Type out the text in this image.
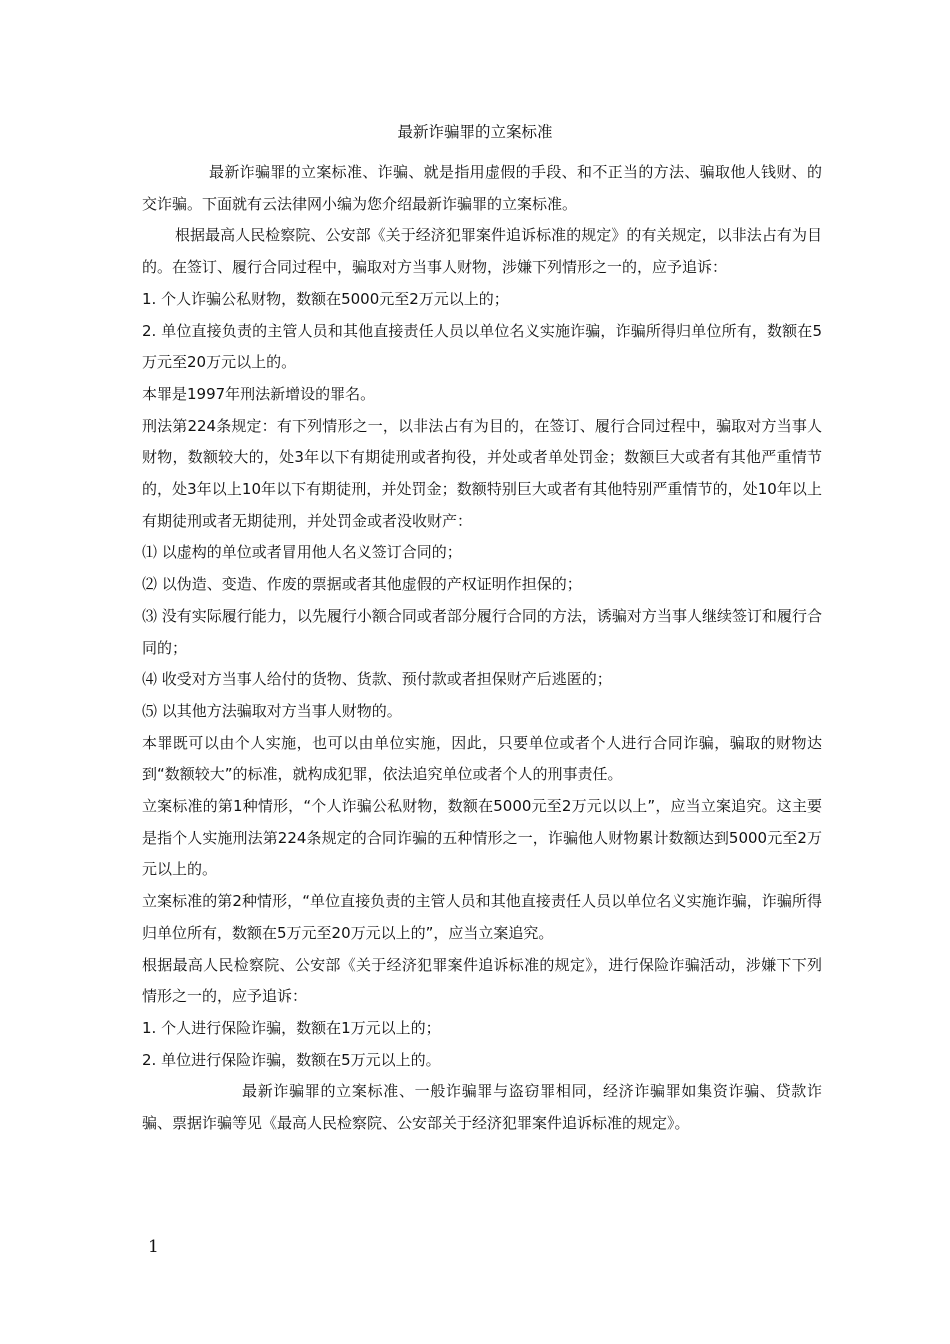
最新诈骗罪的立案标准

最新诈骗罪的立案标准、诈骗、就是指用虚假的手段、和不正当的方法、骗取他人钱财、的交诈骗。下面就有云法律网小编为您介绍最新诈骗罪的立案标准。

根据最高人民检察院、公安部《关于经济犯罪案件追诉标准的规定》的有关规定，以非法占有为目的。在签订、履行合同过程中，骗取对方当事人财物，涉嫌下列情形之一的，应予追诉：

1. 个人诈骗公私财物，数额在5000元至2万元以上的；

2. 单位直接负责的主管人员和其他直接责任人员以单位名义实施诈骗，诈骗所得归单位所有，数额在5万元至20万元以上的。

本罪是1997年刑法新增设的罪名。

刑法第224条规定：有下列情形之一，以非法占有为目的，在签订、履行合同过程中，骗取对方当事人财物，数额较大的，处3年以下有期徒刑或者拘役，并处或者单处罚金；数额巨大或者有其他严重情节的，处3年以上10年以下有期徒刑，并处罚金；数额特别巨大或者有其他特别严重情节的，处10年以上有期徒刑或者无期徒刑，并处罚金或者没收财产：

⑴ 以虚构的单位或者冒用他人名义签订合同的；

⑵ 以伪造、变造、作废的票据或者其他虚假的产权证明作担保的；

⑶ 没有实际履行能力，以先履行小额合同或者部分履行合同的方法，诱骗对方当事人继续签订和履行合同的；

⑷ 收受对方当事人给付的货物、货款、预付款或者担保财产后逃匿的；

⑸ 以其他方法骗取对方当事人财物的。

本罪既可以由个人实施，也可以由单位实施，因此，只要单位或者个人进行合同诈骗，骗取的财物达到“数额较大”的标准，就构成犯罪，依法追究单位或者个人的刑事责任。

立案标准的第1种情形，“个人诈骗公私财物，数额在5000元至2万元以以上”，应当立案追究。这主要是指个人实施刑法第224条规定的合同诈骗的五种情形之一，诈骗他人财物累计数额达到5000元至2万元以上的。

立案标准的第2种情形，“单位直接负责的主管人员和其他直接责任人员以单位名义实施诈骗，诈骗所得归单位所有，数额在5万元至20万元以上的”，应当立案追究。

根据最高人民检察院、公安部《关于经济犯罪案件追诉标准的规定》，进行保险诈骗活动，涉嫌下下列情形之一的，应予追诉：

1. 个人进行保险诈骗，数额在1万元以上的；

2. 单位进行保险诈骗，数额在5万元以上的。

最新诈骗罪的立案标准、一般诈骗罪与盗窃罪相同，经济诈骗罪如集资诈骗、贷款诈骗、票据诈骗等见《最高人民检察院、公安部关于经济犯罪案件追诉标准的规定》。

1
